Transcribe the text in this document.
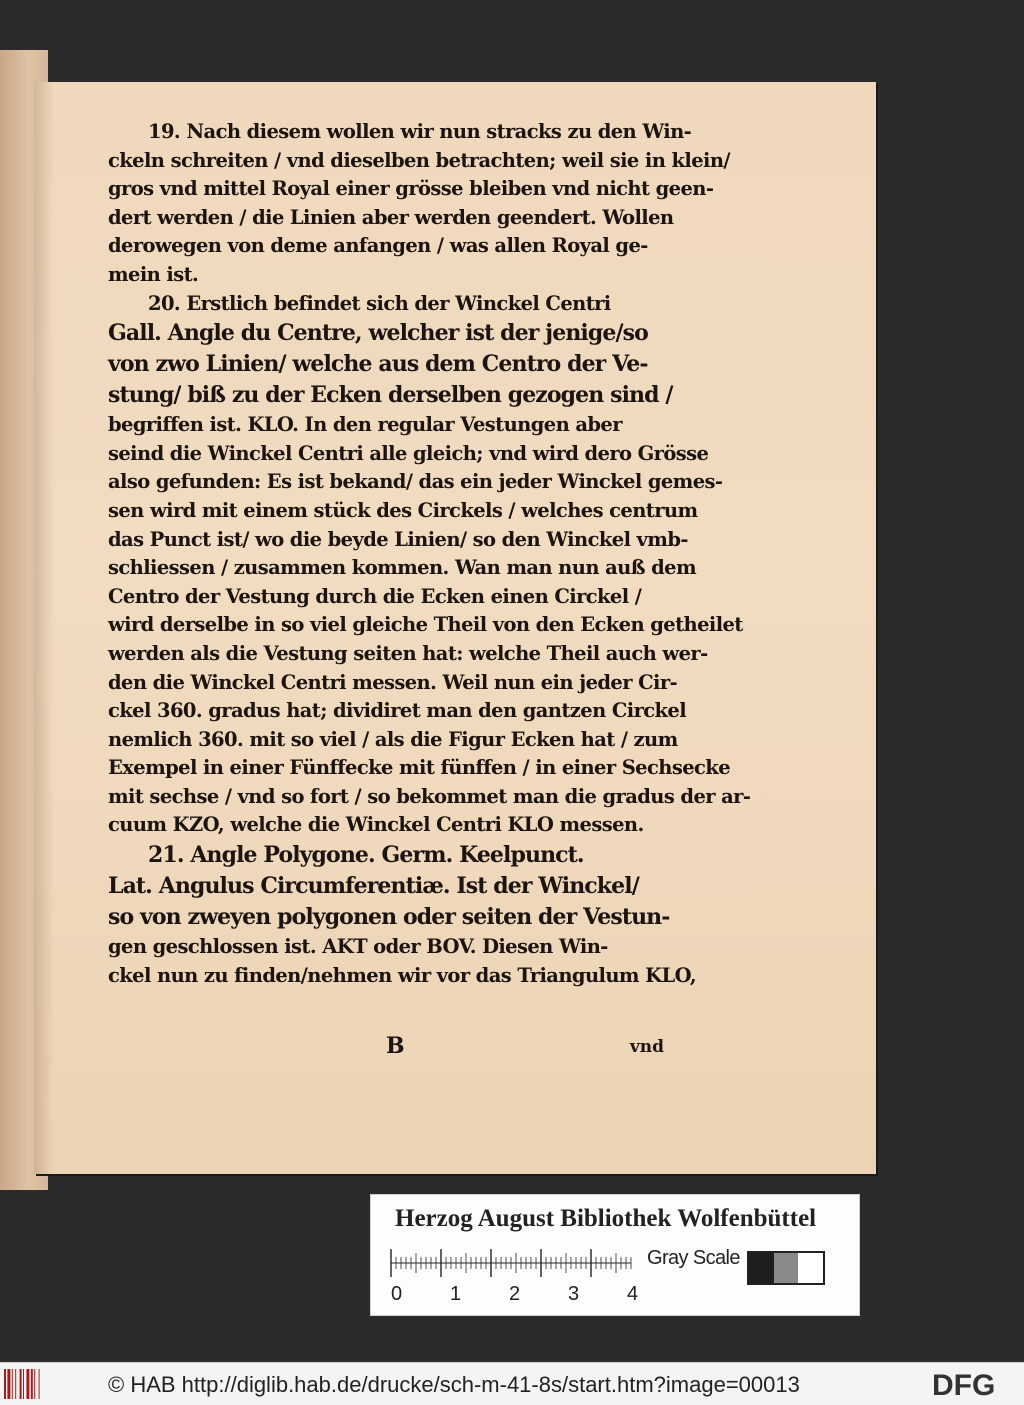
19. Nach diesem wollen wir nun stracks zu den Win-
ckeln schreiten / vnd dieselben betrachten; weil sie in klein/
gros vnd mittel Royal einer grösse bleiben vnd nicht geen-
dert werden / die Linien aber werden geendert. Wollen
derowegen von deme anfangen / was allen Royal ge-
mein ist.
20. Erstlich befindet sich der Winckel Centri
Gall. Angle du Centre, welcher ist der jenige/so
von zwo Linien/ welche aus dem Centro der Ve-
stung/ biß zu der Ecken derselben gezogen sind /
begriffen ist. KLO. In den regular Vestungen aber
seind die Winckel Centri alle gleich; vnd wird dero Grösse
also gefunden: Es ist bekand/ das ein jeder Winckel gemes-
sen wird mit einem stück des Circkels / welches centrum
das Punct ist/ wo die beyde Linien/ so den Winckel vmb-
schliessen / zusammen kommen. Wan man nun auß dem
Centro der Vestung durch die Ecken einen Circkel /
wird derselbe in so viel gleiche Theil von den Ecken getheilet
werden als die Vestung seiten hat: welche Theil auch wer-
den die Winckel Centri messen. Weil nun ein jeder Cir-
ckel 360. gradus hat; dividiret man den gantzen Circkel
nemlich 360. mit so viel / als die Figur Ecken hat / zum
Exempel in einer Fünffecke mit fünffen / in einer Sechsecke
mit sechse / vnd so fort / so bekommet man die gradus der ar-
cuum KZO, welche die Winckel Centri KLO messen.
21. Angle Polygone. Germ. Keelpunct.
Lat. Angulus Circumferentiæ. Ist der Winckel/
so von zweyen polygonen oder seiten der Vestun-
gen geschlossen ist. AKT oder BOV. Diesen Win-
ckel nun zu finden/nehmen wir vor das Triangulum KLO,
B	vnd
Herzog August Bibliothek Wolfenbüttel
0 1 2 3 4
Gray Scale
© HAB http://diglib.hab.de/drucke/sch-m-41-8s/start.htm?image=00013	DFG
